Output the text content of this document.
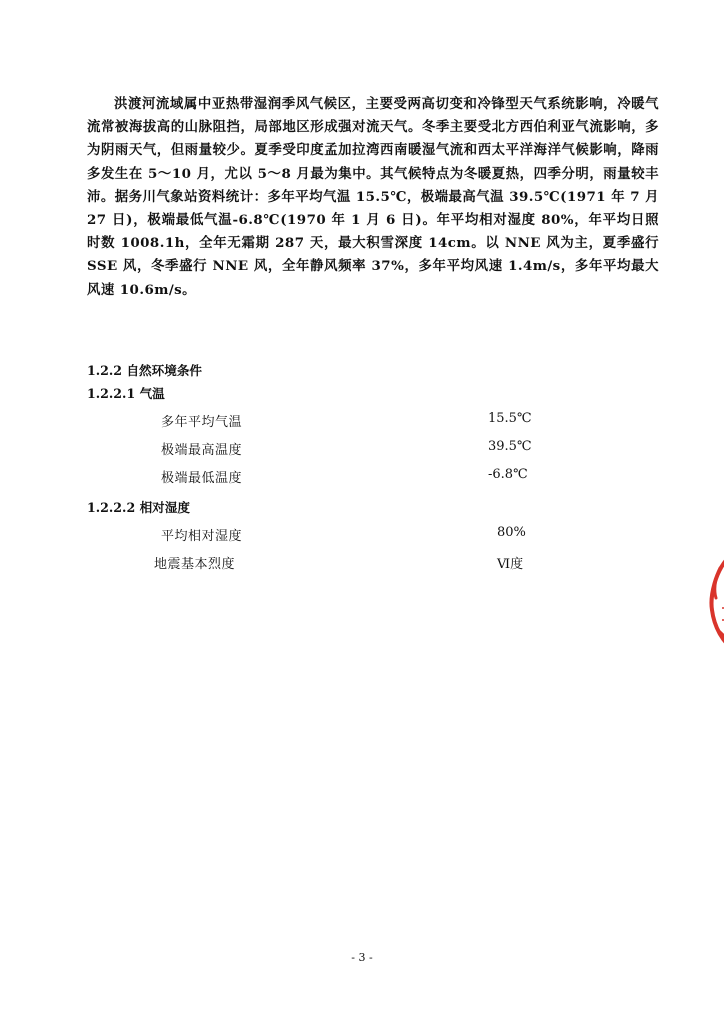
洪渡河流域属中亚热带湿润季风气候区，主要受两高切变和冷锋型天气系统影响，冷暖气流常被海拔高的山脉阻挡，局部地区形成强对流天气。冬季主要受北方西伯利亚气流影响，多为阴雨天气，但雨量较少。夏季受印度孟加拉湾西南暖湿气流和西太平洋海洋气候影响，降雨多发生在 5～10 月，尤以 5～8 月最为集中。其气候特点为冬暖夏热，四季分明，雨量较丰沛。据务川气象站资料统计：多年平均气温 15.5℃，极端最高气温 39.5℃(1971 年 7 月 27 日)，极端最低气温-6.8℃(1970 年 1 月 6 日)。年平均相对湿度 80%，年平均日照时数 1008.1h，全年无霜期 287 天，最大积雪深度 14cm。以 NNE 风为主，夏季盛行 SSE 风，冬季盛行 NNE 风，全年静风频率 37%，多年平均风速 1.4m/s，多年平均最大风速 10.6m/s。

1.2.2 自然环境条件
1.2.2.1 气温
多年平均气温	15.5℃
极端最高温度	39.5℃
极端最低温度	-6.8℃
1.2.2.2 相对湿度
平均相对湿度	80%
地震基本烈度	Ⅵ度
- 3 -
